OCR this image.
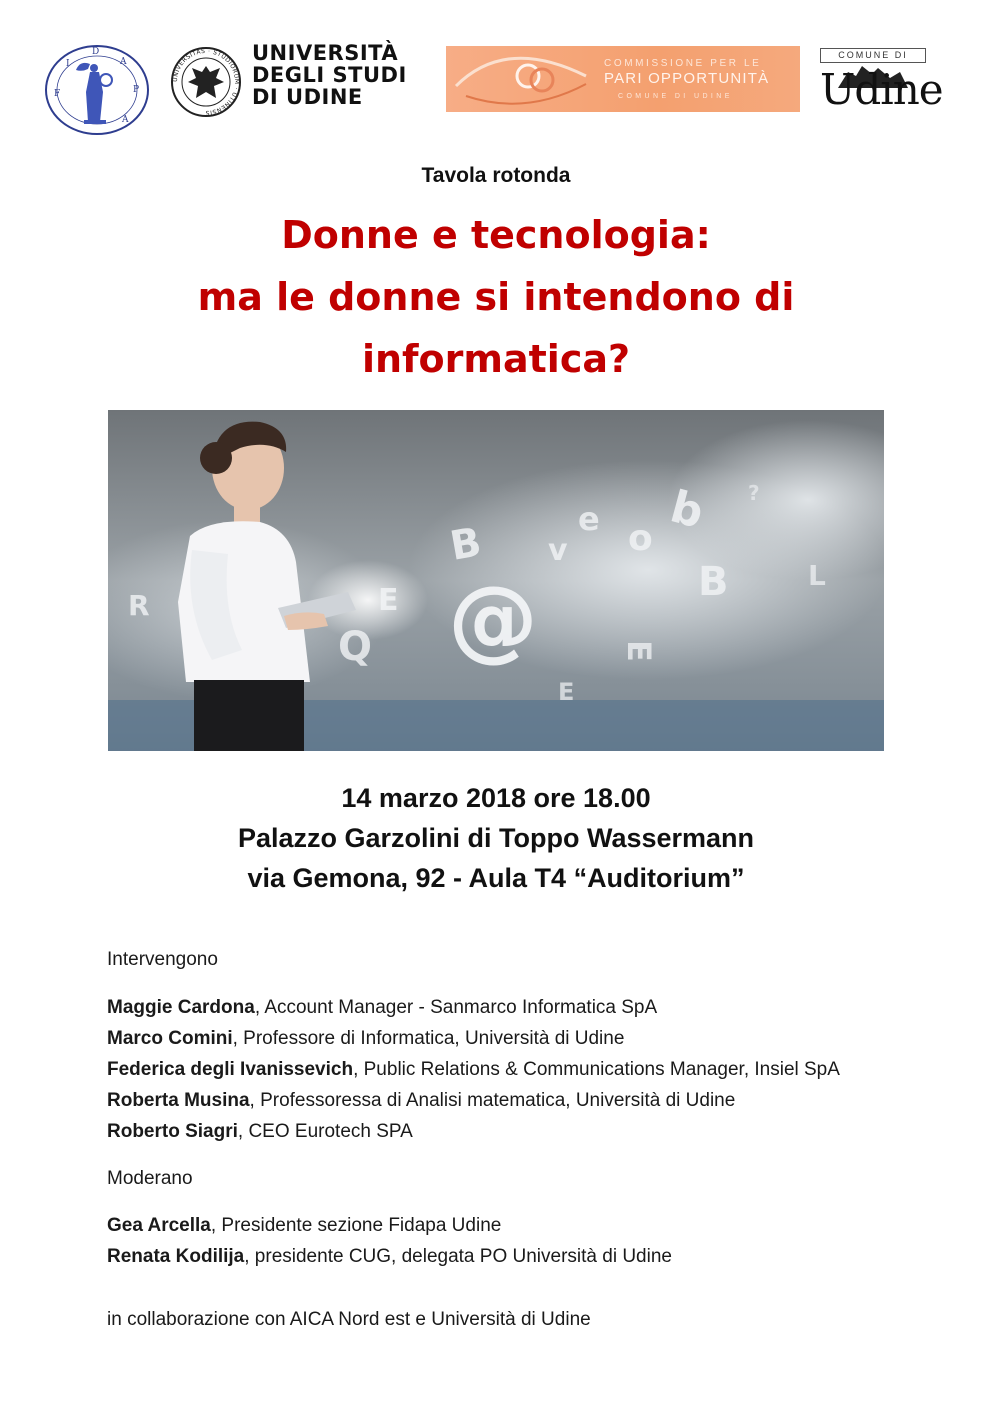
F
I
D
A
P
A
UNIVERSITAS · STUDIORUM · UTINENSIS
UNIVERSITÀ
DEGLI STUDI
DI UDINE
COMMISSIONE PER LE
PARI OPPORTUNITÀ
COMUNE DI UDINE
COMUNE DI
Udine
Tavola rotonda
Donne e tecnologia:
ma le donne si intendono di
informatica?
@
B	o b
B
v
e
E
E
R
L
Q
E
?
14 marzo 2018 ore 18.00
Palazzo Garzolini di Toppo Wassermann
via Gemona, 92 - Aula T4 “Auditorium”
Intervengono
Maggie Cardona, Account Manager - Sanmarco Informatica SpA
Marco Comini, Professore di Informatica, Università di Udine
Federica degli Ivanissevich, Public Relations & Communications Manager, Insiel SpA
Roberta Musina, Professoressa di Analisi matematica, Università di Udine
Roberto Siagri, CEO Eurotech SPA
Moderano
Gea Arcella, Presidente sezione Fidapa Udine
Renata Kodilija, presidente CUG, delegata PO Università di Udine
in collaborazione con AICA Nord est e Università di Udine
